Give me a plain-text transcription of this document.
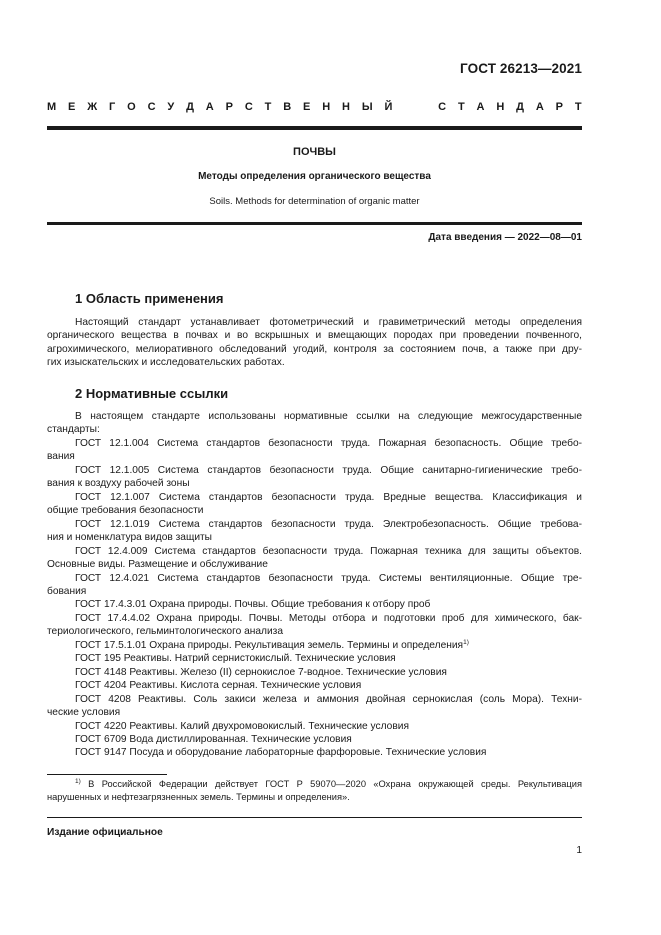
ГОСТ 26213—2021
М Е Ж Г О С У Д А Р С Т В Е Н Н Ы Й	С Т А Н Д А Р Т
ПОЧВЫ
Методы определения органического вещества
Soils. Methods for determination of organic matter
Дата введения — 2022—08—01
1 Область применения
Настоящий стандарт устанавливает фотометрический и гравиметрический методы определения
органического вещества в почвах и во вскрышных и вмещающих породах при проведении почвенного,
агрохимического, мелиоративного обследований угодий, контроля за состоянием почв, а также при дру-
гих изыскательских и исследовательских работах.
2 Нормативные ссылки
В настоящем стандарте использованы нормативные ссылки на следующие межгосударственные
стандарты:
ГОСТ 12.1.004 Система стандартов безопасности труда. Пожарная безопасность. Общие требо-
вания
ГОСТ 12.1.005 Система стандартов безопасности труда. Общие санитарно-гигиенические требо-
вания к воздуху рабочей зоны
ГОСТ 12.1.007 Система стандартов безопасности труда. Вредные вещества. Классификация и
общие требования безопасности
ГОСТ 12.1.019 Система стандартов безопасности труда. Электробезопасность. Общие требова-
ния и номенклатура видов защиты
ГОСТ 12.4.009 Система стандартов безопасности труда. Пожарная техника для защиты объектов.
Основные виды. Размещение и обслуживание
ГОСТ 12.4.021 Система стандартов безопасности труда. Системы вентиляционные. Общие тре-
бования
ГОСТ 17.4.3.01 Охрана природы. Почвы. Общие требования к отбору проб
ГОСТ 17.4.4.02 Охрана природы. Почвы. Методы отбора и подготовки проб для химического, бак-
териологического, гельминтологического анализа
ГОСТ 17.5.1.01 Охрана природы. Рекультивация земель. Термины и определения$^{1)}$
ГОСТ 195 Реактивы. Натрий сернистокислый. Технические условия
ГОСТ 4148 Реактивы. Железо (II) сернокислое 7-водное. Технические условия
ГОСТ 4204 Реактивы. Кислота серная. Технические условия
ГОСТ 4208 Реактивы. Соль закиси железа и аммония двойная сернокислая (соль Мора). Техни-
ческие условия
ГОСТ 4220 Реактивы. Калий двухромовокислый. Технические условия
ГОСТ 6709 Вода дистиллированная. Технические условия
ГОСТ 9147 Посуда и оборудование лабораторные фарфоровые. Технические условия
$^{1)}$ В Российской Федерации действует ГОСТ Р 59070—2020 «Охрана окружающей среды. Рекультивация
нарушенных и нефтезагрязненных земель. Термины и определения».
Издание официальное
1
